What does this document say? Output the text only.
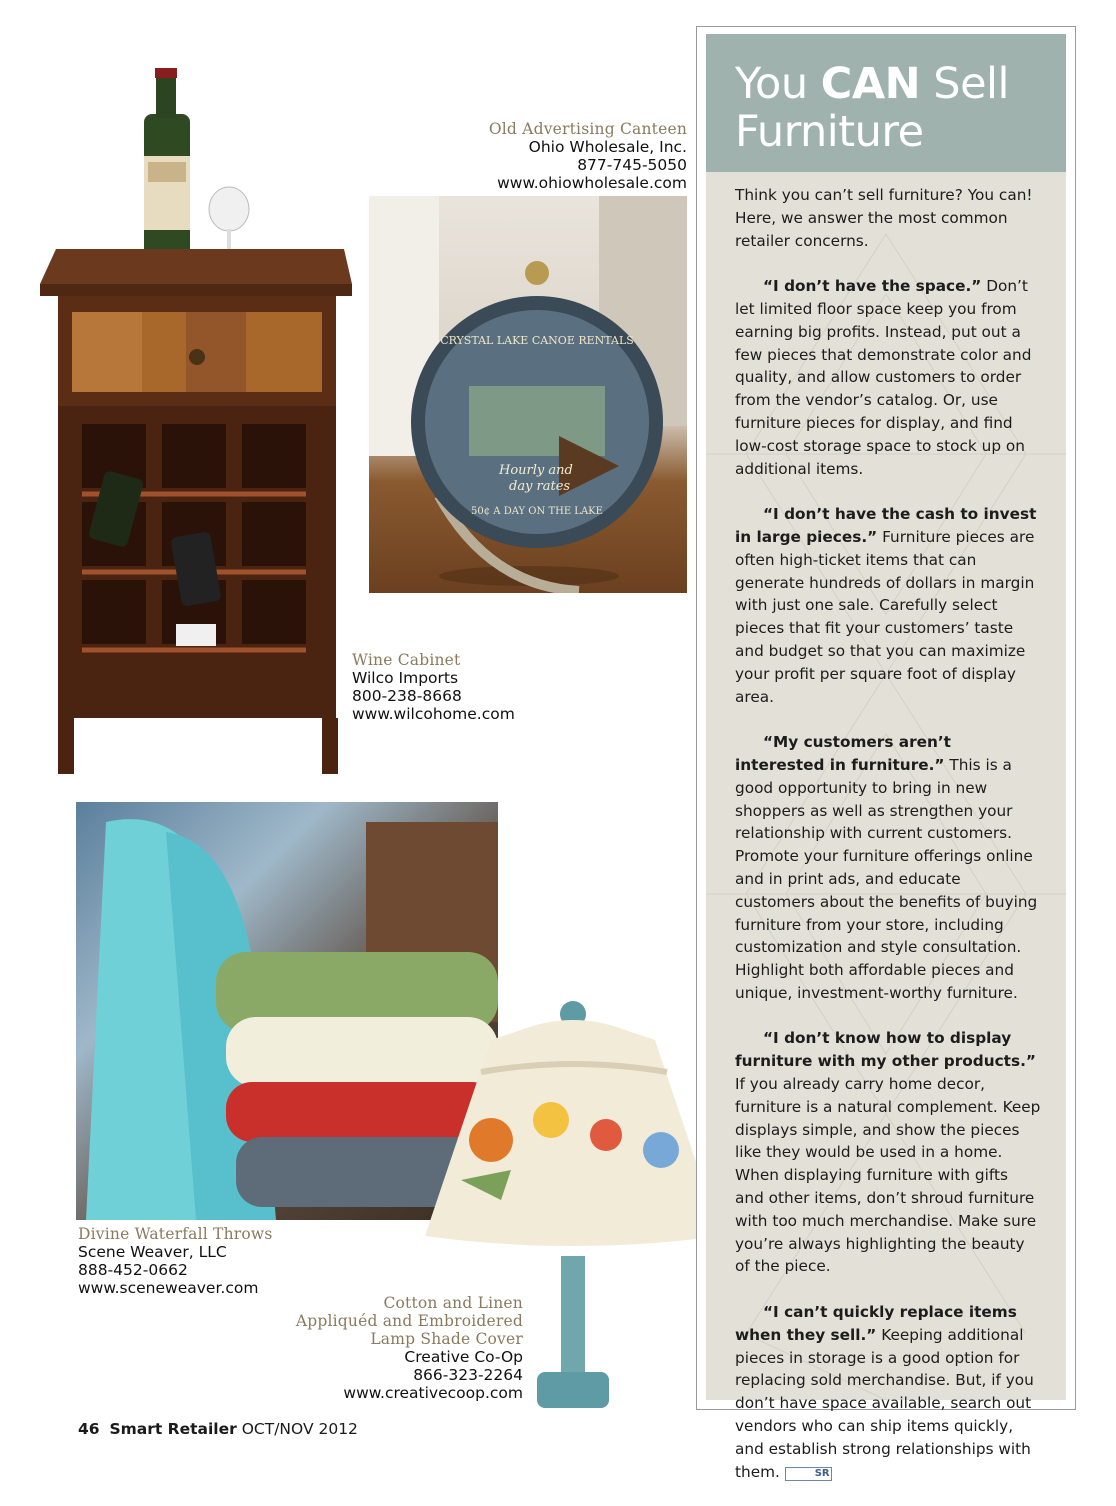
CRYSTAL LAKE CANOE RENTALS
Hourly and
day rates
50¢ A DAY ON THE LAKE
Old Advertising Canteen
Ohio Wholesale, Inc.
877-745-5050
www.ohiowholesale.com
Wine Cabinet
Wilco Imports
800-238-8668
www.wilcohome.com
Divine Waterfall Throws
Scene Weaver, LLC
888-452-0662
www.sceneweaver.com
Cotton and Linen
Appliquéd and Embroidered
Lamp Shade Cover
Creative Co-Op
866-323-2264
www.creativecoop.com
You CAN Sell
Furniture

Think you can’t sell furniture? You can! Here, we answer the most common retailer concerns.

“I don’t have the space.” Don’t let limited floor space keep you from earning big profits. Instead, put out a few pieces that demonstrate color and quality, and allow customers to order from the vendor’s catalog. Or, use furniture pieces for display, and find low-cost storage space to stock up on additional items.

“I don’t have the cash to invest in large pieces.” Furniture pieces are often high-ticket items that can generate hundreds of dollars in margin with just one sale. Carefully select pieces that fit your customers’ taste and budget so that you can maximize your profit per square foot of display area.

“My customers aren’t interested in furniture.” This is a good opportunity to bring in new shoppers as well as strengthen your relationship with current customers. Promote your furniture offerings online and in print ads, and educate customers about the benefits of buying furniture from your store, including customization and style consultation. Highlight both affordable pieces and unique, investment-worthy furniture.

“I don’t know how to display furniture with my other products.” If you already carry home decor, furniture is a natural complement. Keep displays simple, and show the pieces like they would be used in a home. When displaying furniture with gifts and other items, don’t shroud furniture with too much merchandise. Make sure you’re always highlighting the beauty of the piece.

“I can’t quickly replace items when they sell.” Keeping additional pieces in storage is a good option for replacing sold merchandise. But, if you don’t have space available, search out vendors who can ship items quickly, and establish strong relationships with them.	SR

46 Smart Retailer OCT/NOV 2012
